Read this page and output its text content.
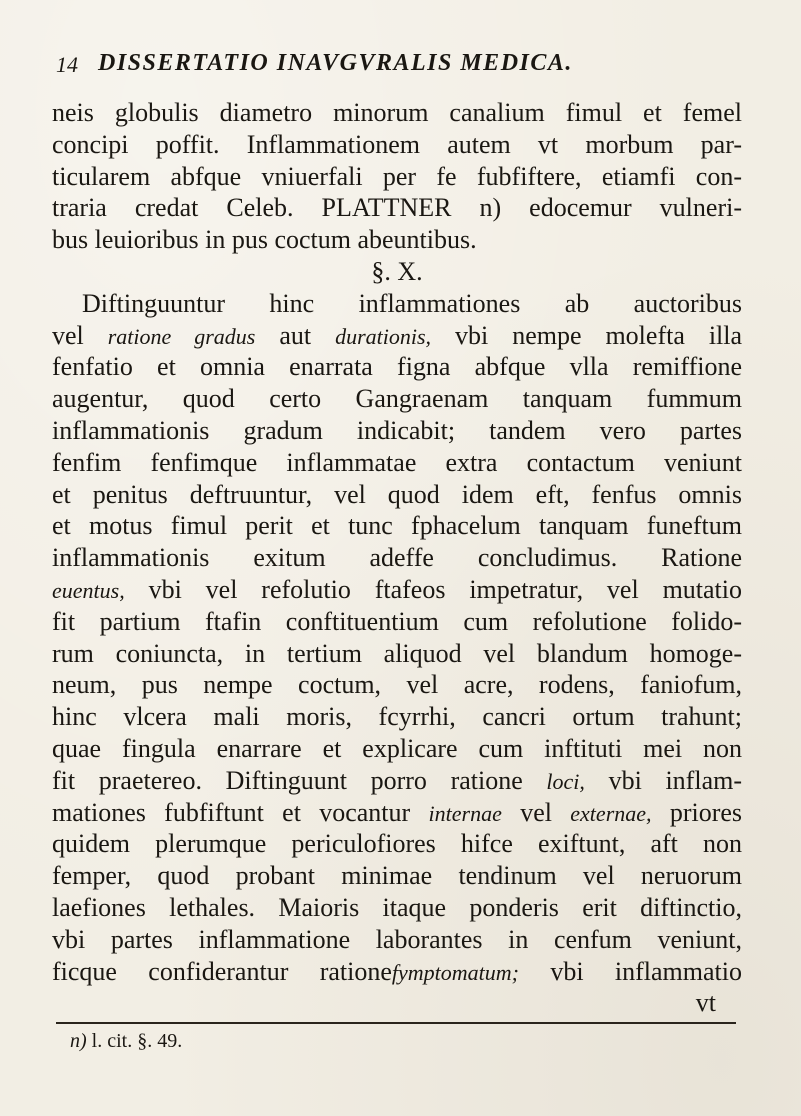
14 DISSERTATIO INAVGVRALIS MEDICA.
neis globulis diametro minorum canalium fimul et femel
concipi poffit. Inflammationem autem vt morbum par-
ticularem abfque vniuerfali per fe fubfiftere, etiamfi con-
traria credat Celeb. PLATTNER n) edocemur vulneri-
bus leuioribus in pus coctum abeuntibus.
§. X.
Diftinguuntur hinc inflammationes ab auctoribus
vel ratione gradus aut durationis, vbi nempe molefta illa
fenfatio et omnia enarrata figna abfque vlla remiffione
augentur, quod certo Gangraenam tanquam fummum
inflammationis gradum indicabit; tandem vero partes
fenfim fenfimque inflammatae extra contactum veniunt
et penitus deftruuntur, vel quod idem eft, fenfus omnis
et motus fimul perit et tunc fphacelum tanquam funeftum
inflammationis exitum adeffe concludimus. Ratione
euentus, vbi vel refolutio ftafeos impetratur, vel mutatio
fit partium ftafin conftituentium cum refolutione folido-
rum coniuncta, in tertium aliquod vel blandum homoge-
neum, pus nempe coctum, vel acre, rodens, faniofum,
hinc vlcera mali moris, fcyrrhi, cancri ortum trahunt;
quae fingula enarrare et explicare cum inftituti mei non
fit praetereo. Diftinguunt porro ratione loci, vbi inflam-
mationes fubfiftunt et vocantur internae vel externae, priores
quidem plerumque periculofiores hifce exiftunt, aft non
femper, quod probant minimae tendinum vel neruorum
laefiones lethales. Maioris itaque ponderis erit diftinctio,
vbi partes inflammatione laborantes in cenfum veniunt,
ficque confiderantur rationefymptomatum; vbi inflammatio
vt
n) l. cit. §. 49.
